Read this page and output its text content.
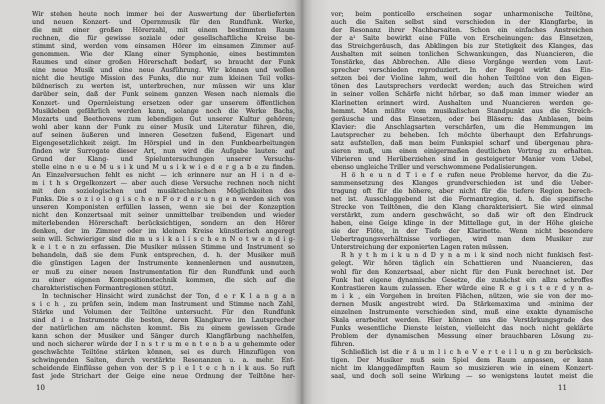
Wir stehen heute noch immer bei der Auswertung der überlieferten
und neuen Konzert- und Opernmusik für den Rundfunk. Werke,
die mit einer großen Hörerzahl, mit einem bestimmten Raum
rechnen, die für gewisse soziale oder gesellschaftliche Kreise be-
stimmt sind, werden vom einsamen Hörer im einsamen Zimmer auf-
genommen. Wie der Klang einer Symphonie, eines bestimmten
Raumes und einer großen Hörerschaft bedarf, so braucht der Funk
eine neue Musik und eine neue Ausführung. Wir können und wollen
nicht die heutige Mission des Funks, die nur zum kleinen Teil volks-
bildnerisch zu werten ist, unterbrechen, nur müssen wir uns klar
darüber sein, daß der Funk seinem ganzen Wesen nach niemals die
Konzert- und Opernleistung ersetzen oder gar unserem öffentlichen
Musikleben gefährlich werden kann, solange noch die Werke Bachs,
Mozarts und Beethovens zum lebendigen Gut unserer Kultur gehören;
wohl aber kann der Funk zu einer Musik und Literatur führen, die,
auf seinen äußeren und inneren Gesetzen fußend, Eigenart und
Eigengesetzlichkeit zeigt. Im Hörspiel und in den Funkbearbeitungen
finden wir Surrogate dieser Art, nun wird die Aufgabe lauten: auf
Grund der Klang- und Spieluntersuchungen unserer Versuchs-
stelle eine n e u e M u s i k und M u s i k w i e d e r g a b e zu finden.
An Einzelversuchen fehlt es nicht — ich erinnere nur an H i n d e-
m i t h s Orgelkonzert — aber auch diese Versuche rechnen noch nicht
mit den soziologischen und musiktechnischen Möglichkeiten des
Funks. Die s o z i o l o g i s c h e n F o r d e r u n g e n werden sich von
unseren Komponisten erfüllen lassen, wenn sie bei der Konzeption
nicht den Konzertsaal mit seiner unmittelbar treibenden und wieder
miterlebenden Hörerschaft berücksichtigen, sondern an den Hörer
denken, der im Zimmer oder im kleinen Kreise künstlerisch angeregt
sein will. Schwieriger sind die m u s i k a l i s c h e n N o t w e n d i g-
k e i t e n zu erfassen. Die Musiker müssen Stimme und Instrument so
behandeln, daß sie dem Funk entsprechen, d. h. der Musiker muß
die günstigen Lagen der Instrumente kennenlernen und ausnutzen,
er muß zu einer neuen Instrumentation für den Rundfunk und auch
zu einer eigenen Kompositionstechnik kommen, die sich auf die
charakteristischen Formantregionen stützt.
In technischer Hinsicht wird zunächst der Ton, d e r K l a n g a n
s i c h , zu prüfen sein, indem man Instrument und Stimme nach Zahl,
Stärke und Volumen der Teiltöne untersucht. Für den Rundfunk
sind d i e Instrumente die besten, deren Klangkurve im Lautsprecher
der natürlichen am nächsten kommt. Bis zu einem gewissen Grade
kann schon der Musiker und Sänger durch Klangfärbung nachhelfen,
und noch sicherer würde der I n s t r u m e n t e n b a u gehemmte oder
geschwächte Teiltöne stärken können, sei es durch Hinzufügen von
schwingenden Saiten, durch verstärkte Resonanzen u. a. mehr. Ent-
scheidende Einflüsse gehen von der S p i e l t e c h n i k aus. So ruft
fast jede Strichart der Geige eine neue Ordnung der Teiltöne her-
vor; beim ponticello erscheinen sogar unharmonische Teiltöne,
auch die Saiten selbst sind verschieden in der Klangfarbe, in
der Resonanz ihrer Nachbarsaiten. Schon ein einfaches Anstreichen
der a¹ Saite bewirkt eine Fülle von Erscheinungen: das Einsetzen,
das Streichgeräusch, das Abklingen bis zur Stetigkeit des Klanges, das
Aushalten mit seinen tonlichen Schwankungen, das Nuancieren, die
Tonstärke, das Abbrechen. Alle diese Vorgänge werden vom Laut-
sprecher verschieden reproduziert. In der Regel wirkt das Ein-
setzen bei der Violine lahm, weil die hohen Teiltöne von den Eigen-
tönen des Lautsprechers verdeckt werden; auch das Streichen wird
in seiner vollen Schärfe nicht hörbar, so daß man immer wieder an
Klarinetten erinnert wird. Aushalten und Nuancieren werden ge-
hemmt. Man müßte vom musikalischen Standpunkt aus die Streich-
geräusche und das Einsetzen, oder bei Bläsern: das Anblasen, beim
Klavier: die Anschlagsarten verschärfen, um die Hemmungen im
Lautsprecher zu beheben. Ich möchte überhaupt den Erfahrungs-
satz aufstellen, daß man beim Funkspiel scharf und übergenau phra-
sieren muß, um einen einigermaßen deutlichen Vortrag zu erhalten.
Vibrieren und Herüberziehen sind in gesteigerter Manier vom Uebel,
ebenso ungleiche Triller und verschwommene Pedalisierungen.
H ö h e u n d T i e f e rufen neue Probleme hervor, da die Zu-
sammensetzung des Klanges grundverschieden ist und die Ueber-
tragung oft für die höhere, aber nicht für die tiefere Region berech-
net ist. Ausschlaggebend ist die Formantregion, d. h. die spezifische
Strecke von Teiltönen, die den Klang charakterisiert. Sie wird einmal
verstärkt, zum andern geschwächt, so daß wir oft den Eindruck
haben, eine Geige klinge in der Mittellage gut, in der Höhe gleiche
sie der Flöte, in der Tiefe der Klarinette. Wenn nicht besondere
Uebertragungsverhältnisse vorliegen, wird man dem Musiker zur
Unterstreichung der exponierten Lagen raten müssen.
R h y t h m i k u n d D y n a m i k sind noch nicht funkisch fest-
gelegt. Wir hören täglich ein Schattieren und Nuancieren, das
wohl für den Konzertsaal, aber nicht für den Funk berechnet ist. Der
Funk hat eigene dynamische Gesetze, die zunächst ein allzu schroffes
Kontrastieren kaum zulassen. Eher würde eine R e g i s t e r d y n a-
m i k , ein Vorgehen in breiten Flächen, nützen, wie sie von der mo-
dernen Musik angestrebt wird. Da Stärkemaxima und -minima der
einzelnen Instrumente verschieden sind, muß eine exakte dynamische
Skala erarbeitet werden. Hier können uns die Verstärkungsgrade des
Funks wesentliche Dienste leisten, vielleicht das noch nicht geklärte
Problem der dynamischen Messung einer brauchbaren Lösung zu-
führen.
Schließlich ist die r ä u m l i c h e V e r t e i l u n g zu berücksich-
tigen. Der Musiker muß sein Spiel dem Raum anpassen, er kann
nicht im klanggedämpften Raum so musizieren wie in einem Konzert-
saal, und doch soll seine Wirkung — so wenigstens lautet meist die
10	11
